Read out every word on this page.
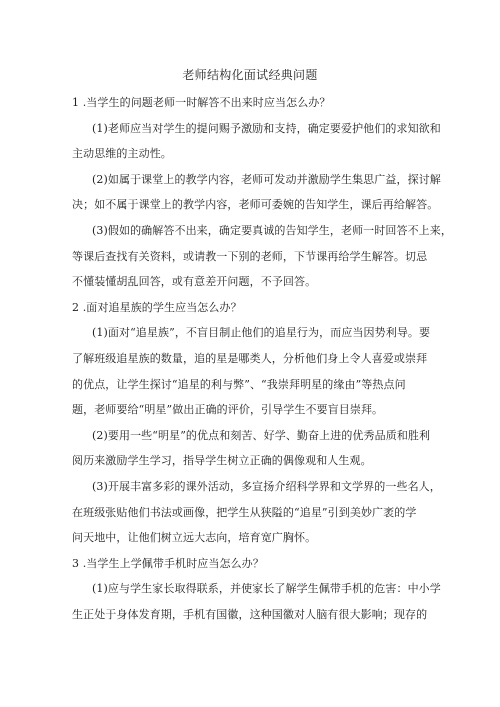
老师结构化面试经典问题
1 .当学生的问题老师一时解答不出来时应当怎么办？
(1)老师应当对学生的提问赐予激励和支持，确定要爱护他们的求知欲和
主动思维的主动性。
(2)如属于课堂上的教学内容，老师可发动并激励学生集思广益，探讨解
决；如不属于课堂上的教学内容，老师可委婉的告知学生，课后再给解答。
(3)假如的确解答不出来，确定要真诚的告知学生，老师一时回答不上来，
等课后查找有关资料，或请教一下别的老师，下节课再给学生解答。切忌
不懂装懂胡乱回答，或有意差开问题，不予回答。
2 .面对追星族的学生应当怎么办？
(1)面对“追星族”，不盲目制止他们的追星行为，而应当因势利导。要
了解班级追星族的数量，追的星是哪类人，分析他们身上令人喜爱或崇拜
的优点，让学生探讨“追星的利与弊”、“我崇拜明星的缘由”等热点问
题，老师要给“明星”做出正确的评价，引导学生不要盲目崇拜。
(2)要用一些“明星”的优点和刻苦、好学、勤奋上进的优秀品质和胜利
阅历来激励学生学习，指导学生树立正确的偶像观和人生观。
(3)开展丰富多彩的课外活动，多宣扬介绍科学界和文学界的一些名人，
在班级张贴他们书法或画像，把学生从狭隘的“追星”引到美妙广袤的学
问天地中，让他们树立远大志向，培育宽广胸怀。
3 .当学生上学佩带手机时应当怎么办？
(1)应与学生家长取得联系，并使家长了解学生佩带手机的危害：中小学
生正处于身体发育期，手机有国徽，这种国徽对人脑有很大影响；现存的
